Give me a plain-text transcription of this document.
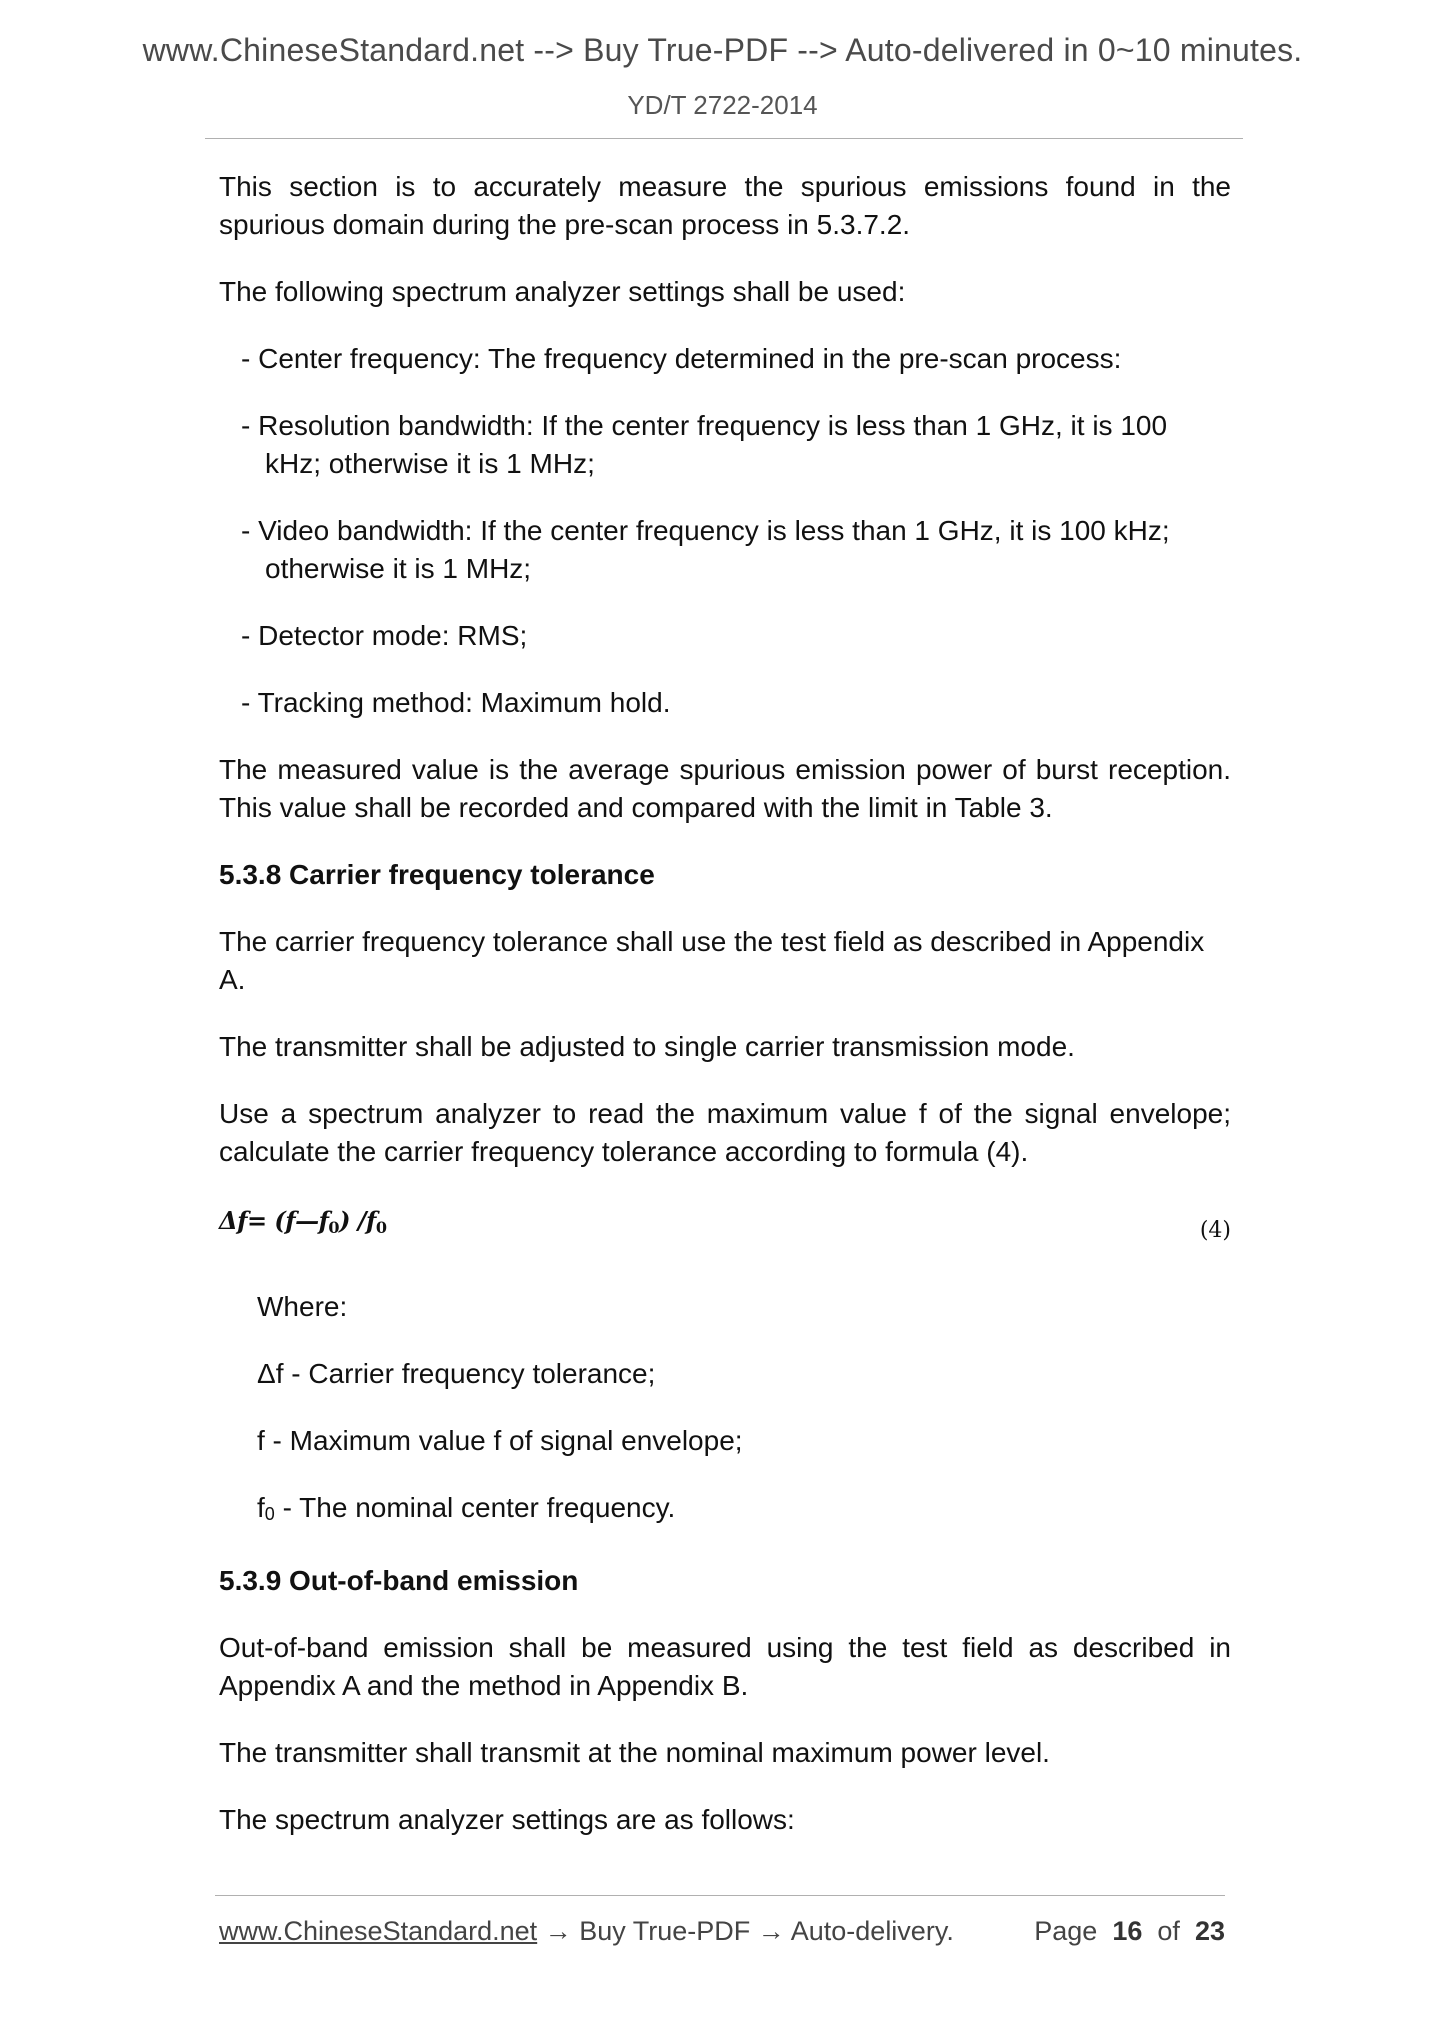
www.ChineseStandard.net --> Buy True-PDF --> Auto-delivered in 0~10 minutes.
YD/T 2722-2014

This section is to accurately measure the spurious emissions found in the spurious domain during the pre-scan process in 5.3.7.2.

The following spectrum analyzer settings shall be used:

- Center frequency: The frequency determined in the pre-scan process:

- Resolution bandwidth: If the center frequency is less than 1 GHz, it is 100
kHz; otherwise it is 1 MHz;

- Video bandwidth: If the center frequency is less than 1 GHz, it is 100 kHz;
otherwise it is 1 MHz;

- Detector mode: RMS;

- Tracking method: Maximum hold.

The measured value is the average spurious emission power of burst reception. This value shall be recorded and compared with the limit in Table 3.

5.3.8 Carrier frequency tolerance

The carrier frequency tolerance shall use the test field as described in Appendix A.

The transmitter shall be adjusted to single carrier transmission mode.

Use a spectrum analyzer to read the maximum value f of the signal envelope; calculate the carrier frequency tolerance according to formula (4).

$\Delta f= (f—f_0)$ $/f_0$	(4)

Where:

Δf - Carrier frequency tolerance;

f - Maximum value f of signal envelope;

f0 - The nominal center frequency.

5.3.9 Out-of-band emission

Out-of-band emission shall be measured using the test field as described in Appendix A and the method in Appendix B.

The transmitter shall transmit at the nominal maximum power level.

The spectrum analyzer settings are as follows:

www.ChineseStandard.net → Buy True-PDF → Auto-delivery.	Page 16 of 23
